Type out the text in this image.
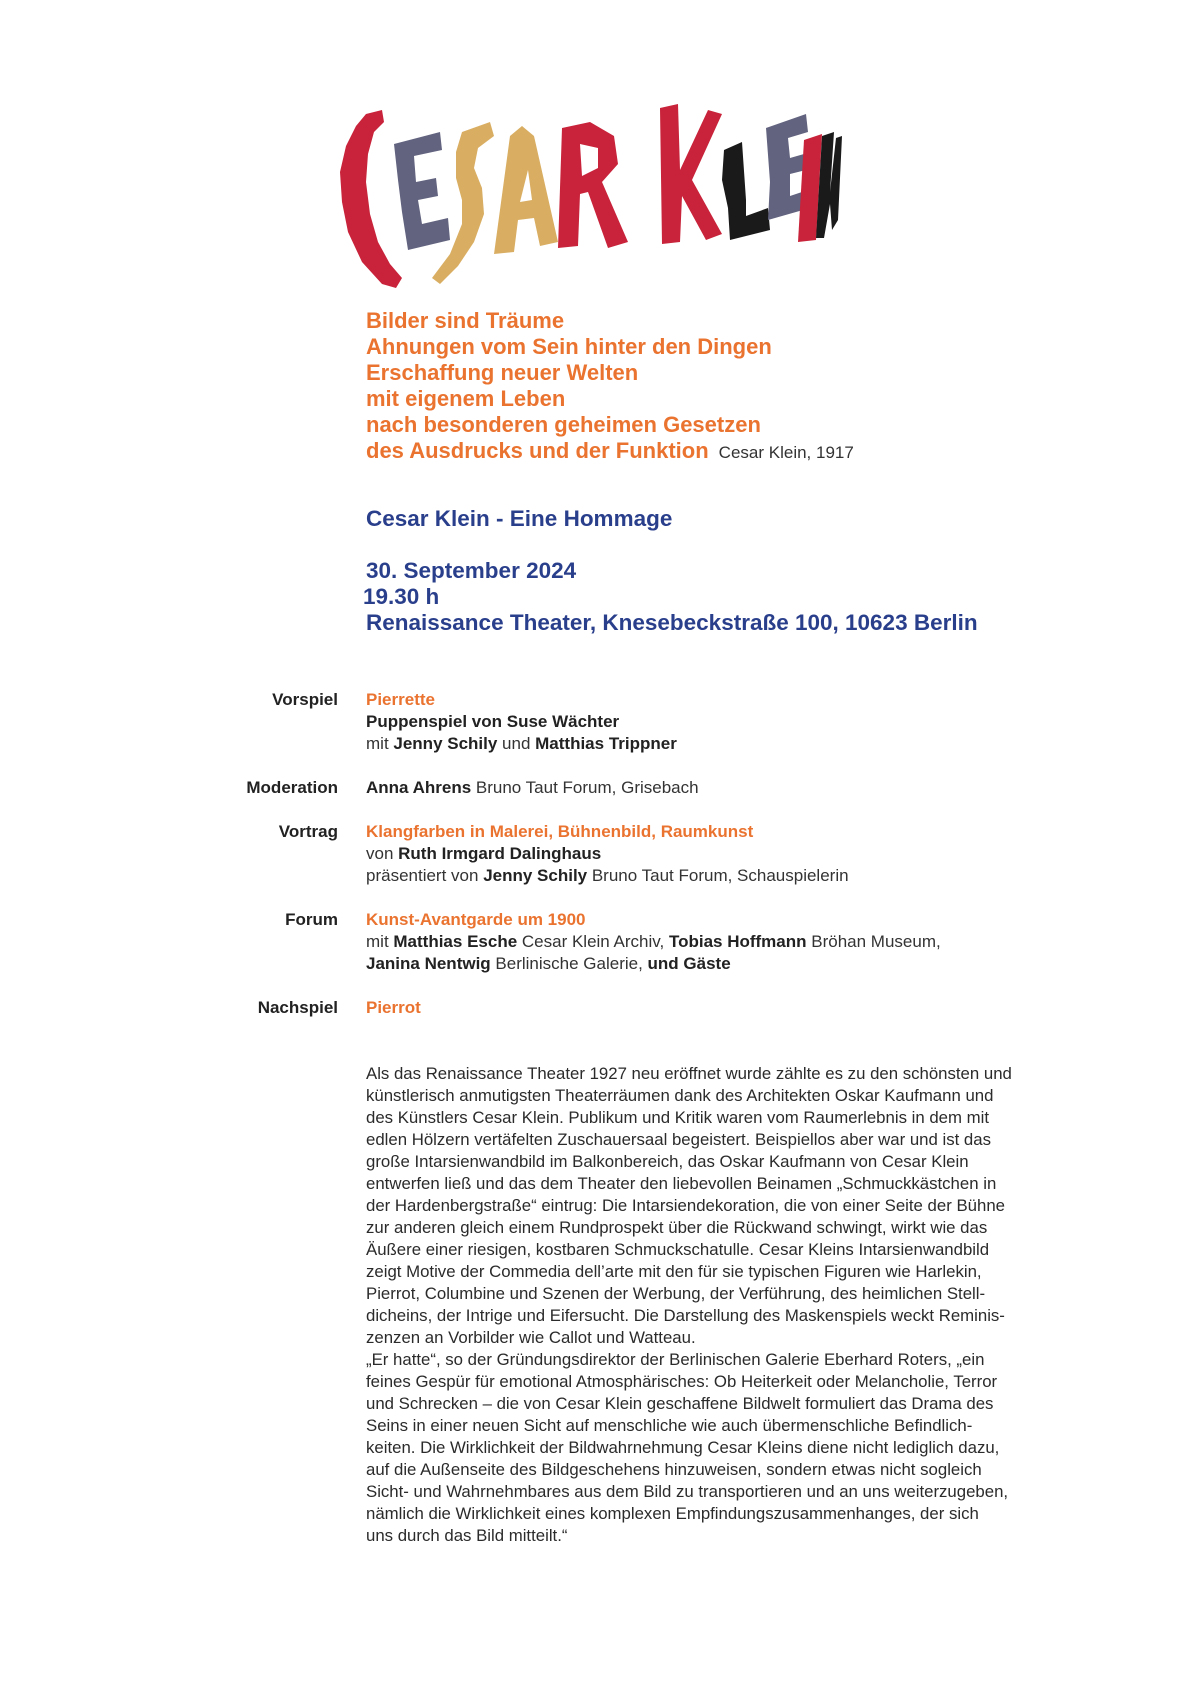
Bilder sind Träume
Ahnungen vom Sein hinter den Dingen
Erschaffung neuer Welten
mit eigenem Leben
nach besonderen geheimen Gesetzen
des Ausdrucks und der Funktion Cesar Klein, 1917
Cesar Klein - Eine Hommage
30. September 2024
19.30 h
Renaissance Theater, Knesebeckstraße 100, 10623 Berlin
Vorspiel Pierrette
Puppenspiel von Suse Wächter
mit Jenny Schily und Matthias Trippner
Moderation Anna Ahrens Bruno Taut Forum, Grisebach
Vortrag Klangfarben in Malerei, Bühnenbild, Raumkunst
von Ruth Irmgard Dalinghaus
präsentiert von Jenny Schily Bruno Taut Forum, Schauspielerin
Forum Kunst-Avantgarde um 1900
mit Matthias Esche Cesar Klein Archiv, Tobias Hoffmann Bröhan Museum,
Janina Nentwig Berlinische Galerie, und Gäste
Nachspiel Pierrot
Als das Renaissance Theater 1927 neu eröffnet wurde zählte es zu den schönsten und
künstlerisch anmutigsten Theaterräumen dank des Architekten Oskar Kaufmann und
des Künstlers Cesar Klein. Publikum und Kritik waren vom Raumerlebnis in dem mit
edlen Hölzern vertäfelten Zuschauersaal begeistert. Beispiellos aber war und ist das
große Intarsienwandbild im Balkonbereich, das Oskar Kaufmann von Cesar Klein
entwerfen ließ und das dem Theater den liebevollen Beinamen „Schmuckkästchen in
der Hardenbergstraße“ eintrug: Die Intarsiendekoration, die von einer Seite der Bühne
zur anderen gleich einem Rundprospekt über die Rückwand schwingt, wirkt wie das
Äußere einer riesigen, kostbaren Schmuckschatulle. Cesar Kleins Intarsienwandbild
zeigt Motive der Commedia dell’arte mit den für sie typischen Figuren wie Harlekin,
Pierrot, Columbine und Szenen der Werbung, der Verführung, des heimlichen Stell-
dicheins, der Intrige und Eifersucht. Die Darstellung des Maskenspiels weckt Reminis-
zenzen an Vorbilder wie Callot und Watteau.
„Er hatte“, so der Gründungsdirektor der Berlinischen Galerie Eberhard Roters, „ein
feines Gespür für emotional Atmosphärisches: Ob Heiterkeit oder Melancholie, Terror
und Schrecken – die von Cesar Klein geschaffene Bildwelt formuliert das Drama des
Seins in einer neuen Sicht auf menschliche wie auch übermenschliche Befindlich-
keiten. Die Wirklichkeit der Bildwahrnehmung Cesar Kleins diene nicht lediglich dazu,
auf die Außenseite des Bildgeschehens hinzuweisen, sondern etwas nicht sogleich
Sicht- und Wahrnehmbares aus dem Bild zu transportieren und an uns weiterzugeben,
nämlich die Wirklichkeit eines komplexen Empfindungszusammenhanges, der sich
uns durch das Bild mitteilt.“
